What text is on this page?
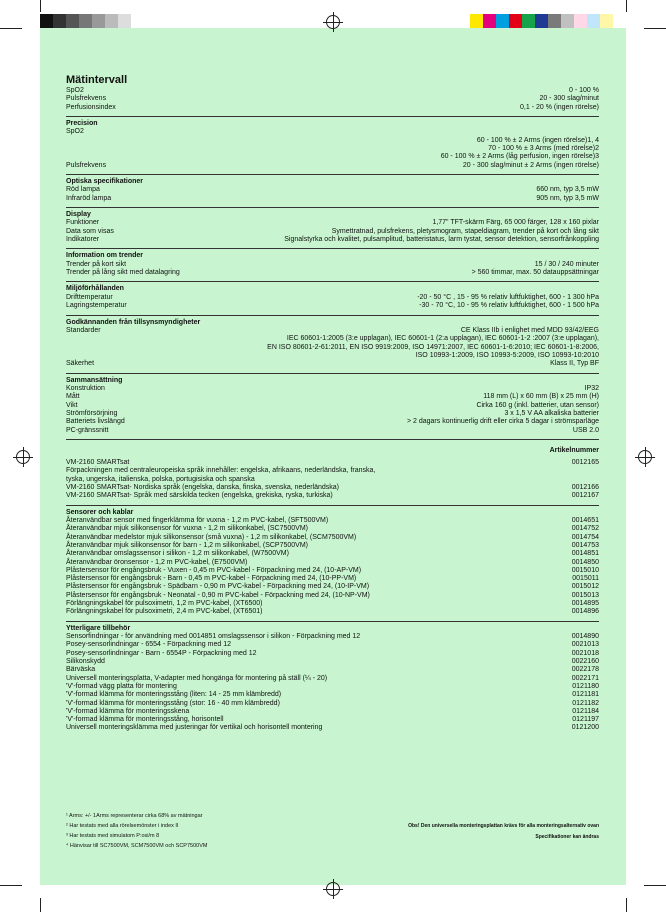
Mätintervall
SpO2	0 - 100 %
Pulsfrekvens	20 - 300 slag/minut
Perfusionsindex	0,1 - 20 % (ingen rörelse)
Precision
SpO2
60 - 100 % ± 2 Arms (ingen rörelse)1, 4
70 - 100 % ± 3 Arms (med rörelse)2
60 - 100 % ± 2 Arms (låg perfusion, ingen rörelse)3
Pulsfrekvens	20 - 300 slag/minut ± 2 Arms (ingen rörelse)
Optiska specifikationer
Röd lampa	660 nm, typ 3,5 mW
Infraröd lampa	905 nm, typ 3,5 mW
Display
Funktioner	1,77" TFT-skärm Färg, 65 000 färger, 128 x 160 pixlar
Data som visas	Symettratnad, pulsfrekens, pletysmogram, stapeldiagram, trender på kort och lång sikt
Indikatorer	Signalstyrka och kvalitet, pulsamplitud, batteristatus, larm tystat, sensor detektion, sensorfrånkoppling
Information om trender
Trender på kort sikt	15 / 30 / 240 minuter
Trender på lång sikt med datalagring	> 560 timmar, max. 50 datauppsättningar
Miljöförhållanden
Drifttemperatur	-20 - 50 °C , 15 - 95 % relativ luftfuktighet, 600 - 1 300 hPa
Lagringstemperatur	-30 - 70 °C, 10 - 95 % relativ luftfuktighet, 600 - 1 500 hPa
Godkännanden från tillsynsmyndigheter
Standarder	CE Klass IIb i enlighet med MDD 93/42/EEG
IEC 60601-1:2005 (3:e upplagan), IEC 60601-1 (2:a upplagan), IEC 60601-1-2 :2007 (3:e upplagan),
EN ISO 80601-2-61:2011, EN ISO 9919:2009, ISO 14971:2007, IEC 60601-1-6:2010; IEC 60601-1-8:2006,
ISO 10993-1:2009, ISO 10993-5:2009, ISO 10993-10:2010
Säkerhet	Klass II, Typ BF
Sammansättning
Konstruktion	IP32
Mått	118 mm (L) x 60 mm (B) x 25 mm (H)
Vikt	Cirka 160 g (inkl. batterier, utan sensor)
Strömförsörjning	3 x 1,5 V AA alkaliska batterier
Batteriets livslängd	> 2 dagars kontinuerlig drift eller cirka 5 dagar i strömsparläge
PC-gränssnitt	USB 2.0
Artikelnummer
VM-2160 SMARTsat	0012165
Förpackningen med centraleuropeiska språk innehåller: engelska, afrikaans, nederländska, franska,
tyska, ungerska, italienska, polska, portugisiska och spanska
VM-2160 SMARTsat- Nordiska språk (engelska, danska, finska, svenska, nederländska)	0012166
VM-2160 SMARTsat- Språk med särskilda tecken (engelska, grekiska, ryska, turkiska)	0012167
Sensorer och kablar
Återanvändbar sensor med fingerklämma för vuxna - 1,2 m PVC-kabel, (SFT500VM)	0014651
Återanvändbar mjuk silikonsensor för vuxna - 1,2 m silikonkabel, (SC7500VM)	0014752
Återanvändbar medelstor mjuk silikonsensor (små vuxna) - 1,2 m silikonkabel, (SCM7500VM)	0014754
Återanvändbar mjuk silikonsensor för barn - 1,2 m silikonkabel, (SCP7500VM)	0014753
Återanvändbar omslagssensor i silikon - 1,2 m silikonkabel, (W7500VM)	0014851
Återanvändbar öronsensor - 1,2 m PVC-kabel, (E7500VM)	0014850
Plåstersensor för engångsbruk - Vuxen - 0,45 m PVC-kabel - Förpackning med 24, (10-AP-VM)	0015010
Plåstersensor för engångsbruk - Barn - 0,45 m PVC-kabel - Förpackning med 24, (10-PP-VM)	0015011
Plåstersensor för engångsbruk - Spädbarn - 0,90 m PVC-kabel - Förpackning med 24, (10-IP-VM)	0015012
Plåstersensor för engångsbruk - Neonatal - 0,90 m PVC-kabel - Förpackning med 24, (10-NP-VM)	0015013
Förlängningskabel för pulsoximetri, 1,2 m PVC-kabel, (XT6500)	0014895
Förlängningskabel för pulsoximetri, 2,4 m PVC-kabel, (XT6501)	0014896
Ytterligare tillbehör
Sensorfindningar - för användning med 0014851 omslagssensor i silikon - Förpackning med 12	0014890
Posey-sensorlindningar - 6554 - Förpackning med 12	0021013
Posey-sensorlindningar - Barn - 6554P - Förpackning med 12	0021018
Silikonskydd	0022160
Bärväska	0022178
Universell monteringsplatta, V-adapter med hongänga för montering på ställ (¼ - 20)	0022171
'V'-formad vägg platta för montering	0121180
'V'-formad klämma för monteringsstång (liten: 14 - 25 mm klämbredd)	0121181
'V'-formad klämma för monteringsstång (stor: 16 - 40 mm klämbredd)	0121182
'V'-formad klämma för monteringsskena	0121184
'V'-formad klämma för monteringsstång, horisontell	0121197
Universell monteringsklämma med justeringar för vertikal och horisontell montering	0121200
¹ Arms: +/- 1Arms representerar cirka 68% av mätningar
² Har testats med alla rörelsemönster i index II	Obs! Den universella monteringsplattan krävs för alla monteringsalternativ ovan
³ Har testats med simulatom P:osi/m 8
⁴ Hänvisar till SC7500VM, SCM7500VM och SCP7500VM
Specifikationer kan ändras
